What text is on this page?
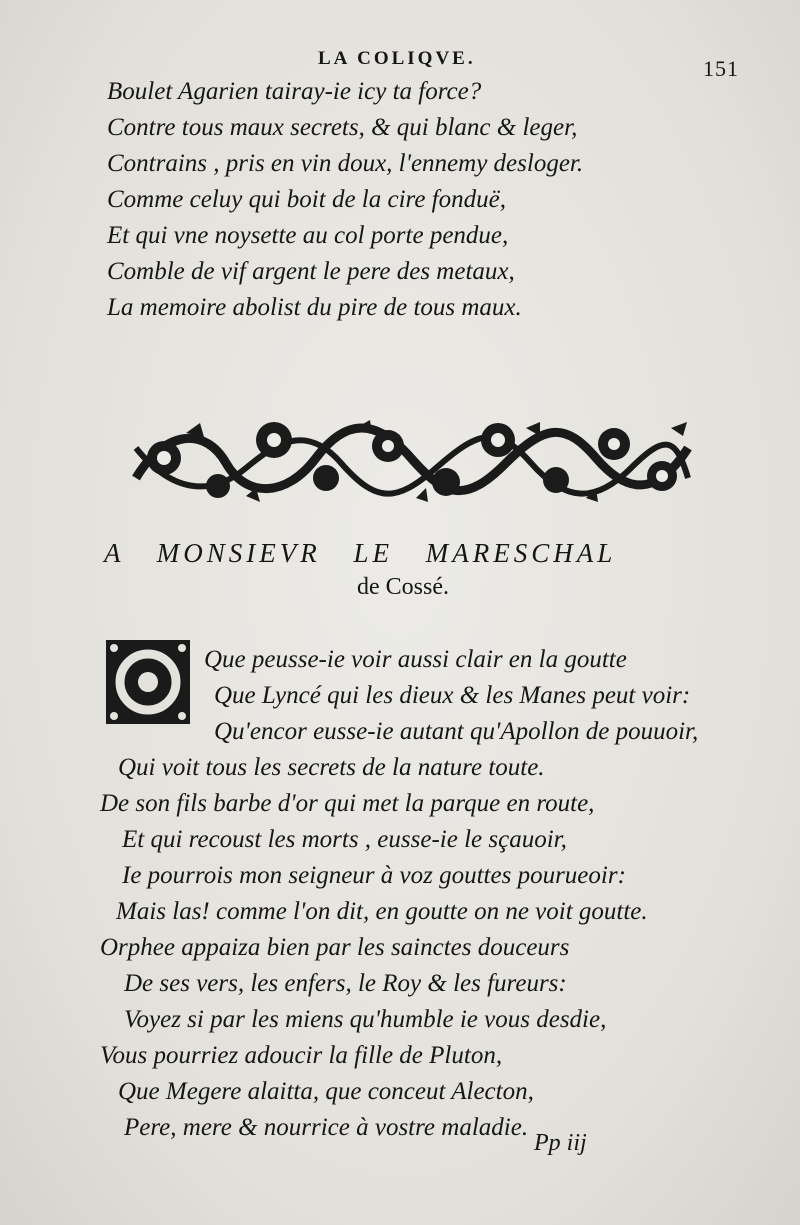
LA COLIQVE.	151
Boulet Agarien tairay-ie icy ta force?
Contre tous maux secrets, & qui blanc & leger,
Contrains , pris en vin doux, l'ennemy desloger.
Comme celuy qui boit de la cire fonduë,
Et qui vne noysette au col porte pendue,
Comble de vif argent le pere des metaux,
La memoire abolist du pire de tous maux.
A MONSIEVR LE MARESCHAL
de Cossé.
Que peusse-ie voir aussi clair en la goutte
Que Lyncé qui les dieux & les Manes peut voir:
Qu'encor eusse-ie autant qu'Apollon de pouuoir,
Qui voit tous les secrets de la nature toute.
De son fils barbe d'or qui met la parque en route,
Et qui recoust les morts , eusse-ie le sçauoir,
Ie pourrois mon seigneur à voz gouttes pourueoir:
Mais las! comme l'on dit, en goutte on ne voit goutte.
Orphee appaiza bien par les sainctes douceurs
De ses vers, les enfers, le Roy & les fureurs:
Voyez si par les miens qu'humble ie vous desdie,
Vous pourriez adoucir la fille de Pluton,
Que Megere alaitta, que conceut Alecton,
Pere, mere & nourrice à vostre maladie.
Pp iij
